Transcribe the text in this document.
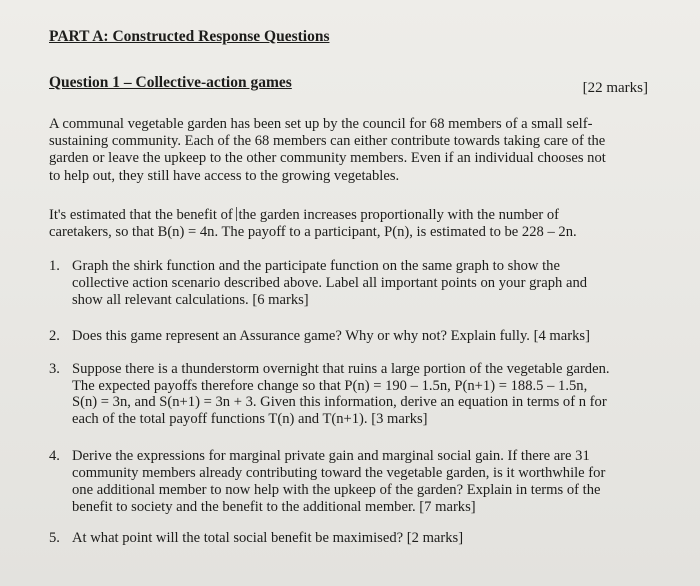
PART A: Constructed Response Questions
Question 1 – Collective-action games	[22 marks]

A communal vegetable garden has been set up by the council for 68 members of a small self-
sustaining community. Each of the 68 members can either contribute towards taking care of the
garden or leave the upkeep to the other community members. Even if an individual chooses not
to help out, they still have access to the growing vegetables.

It's estimated that the benefit of the garden increases proportionally with the number of
caretakers, so that B(n) = 4n. The payoff to a participant, P(n), is estimated to be 228 – 2n.

1. Graph the shirk function and the participate function on the same graph to show the
collective action scenario described above. Label all important points on your graph and
show all relevant calculations. [6 marks]
2. Does this game represent an Assurance game? Why or why not? Explain fully. [4 marks]
3. Suppose there is a thunderstorm overnight that ruins a large portion of the vegetable garden.
The expected payoffs therefore change so that P(n) = 190 – 1.5n, P(n+1) = 188.5 – 1.5n,
S(n) = 3n, and S(n+1) = 3n + 3. Given this information, derive an equation in terms of n for
each of the total payoff functions T(n) and T(n+1). [3 marks]
4. Derive the expressions for marginal private gain and marginal social gain. If there are 31
community members already contributing toward the vegetable garden, is it worthwhile for
one additional member to now help with the upkeep of the garden? Explain in terms of the
benefit to society and the benefit to the additional member. [7 marks]
5. At what point will the total social benefit be maximised? [2 marks]
